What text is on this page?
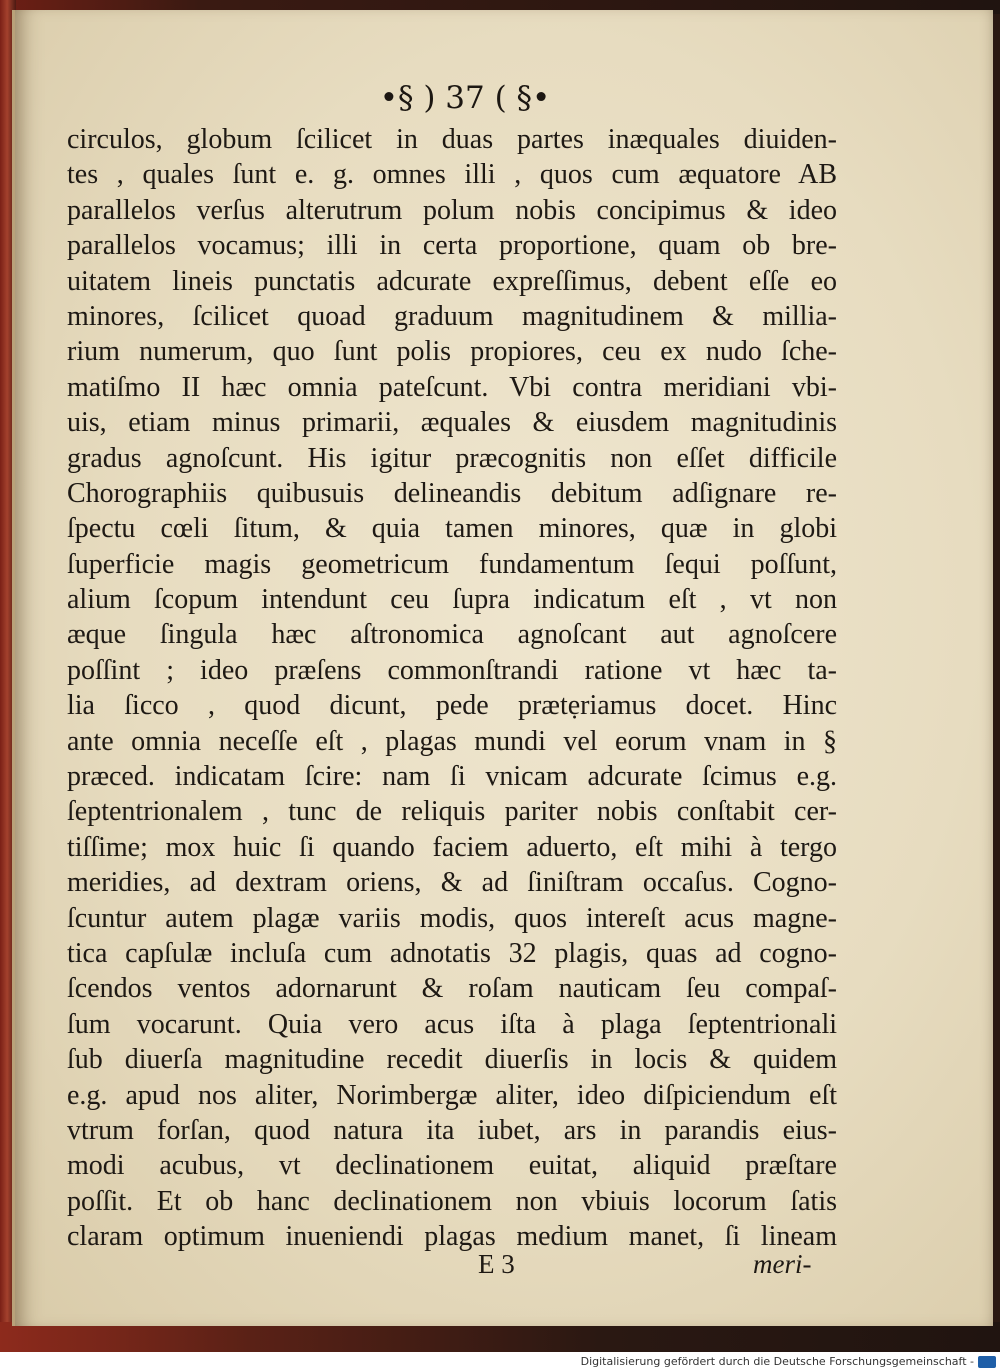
•§ ) 37 ( §•
circulos, globum ſcilicet in duas partes inæquales diuiden-
tes , quales ſunt e. g. omnes illi , quos cum æquatore AB
parallelos verſus alterutrum polum nobis concipimus & ideo
parallelos vocamus; illi in certa proportione, quam ob bre-
uitatem lineis punctatis adcurate expreſſimus, debent eſſe eo
minores, ſcilicet quoad graduum magnitudinem & millia-
rium numerum, quo ſunt polis propiores, ceu ex nudo ſche-
matiſmo II hæc omnia pateſcunt. Vbi contra meridiani vbi-
uis, etiam minus primarii, æquales & eiusdem magnitudinis
gradus agnoſcunt. His igitur præcognitis non eſſet difficile
Chorographiis quibusuis delineandis debitum adſignare re-
ſpectu cœli ſitum, & quia tamen minores, quæ in globi
ſuperficie magis geometricum fundamentum ſequi poſſunt,
alium ſcopum intendunt ceu ſupra indicatum eſt , vt non
æque ſingula hæc aſtronomica agnoſcant aut agnoſcere
poſſint ; ideo præſens commonſtrandi ratione vt hæc ta-
lia ſicco , quod dicunt, pede prætẹriamus docet. Hinc
ante omnia neceſſe eſt , plagas mundi vel eorum vnam in §
præced. indicatam ſcire: nam ſi vnicam adcurate ſcimus e.g.
ſeptentrionalem , tunc de reliquis pariter nobis conſtabit cer-
tiſſime; mox huic ſi quando faciem aduerto, eſt mihi à tergo
meridies, ad dextram oriens, & ad ſiniſtram occaſus. Cogno-
ſcuntur autem plagæ variis modis, quos intereſt acus magne-
tica capſulæ incluſa cum adnotatis 32 plagis, quas ad cogno-
ſcendos ventos adornarunt & roſam nauticam ſeu compaſ-
ſum vocarunt. Quia vero acus iſta à plaga ſeptentrionali
ſub diuerſa magnitudine recedit diuerſis in locis & quidem
e.g. apud nos aliter, Norimbergæ aliter, ideo diſpiciendum eſt
vtrum forſan, quod natura ita iubet, ars in parandis eius-
modi acubus, vt declinationem euitat, aliquid præſtare
poſſit. Et ob hanc declinationem non vbiuis locorum ſatis
claram optimum inueniendi plagas medium manet, ſi lineam
E 3	meri-
Digitalisierung gefördert durch die Deutsche Forschungsgemeinschaft -
